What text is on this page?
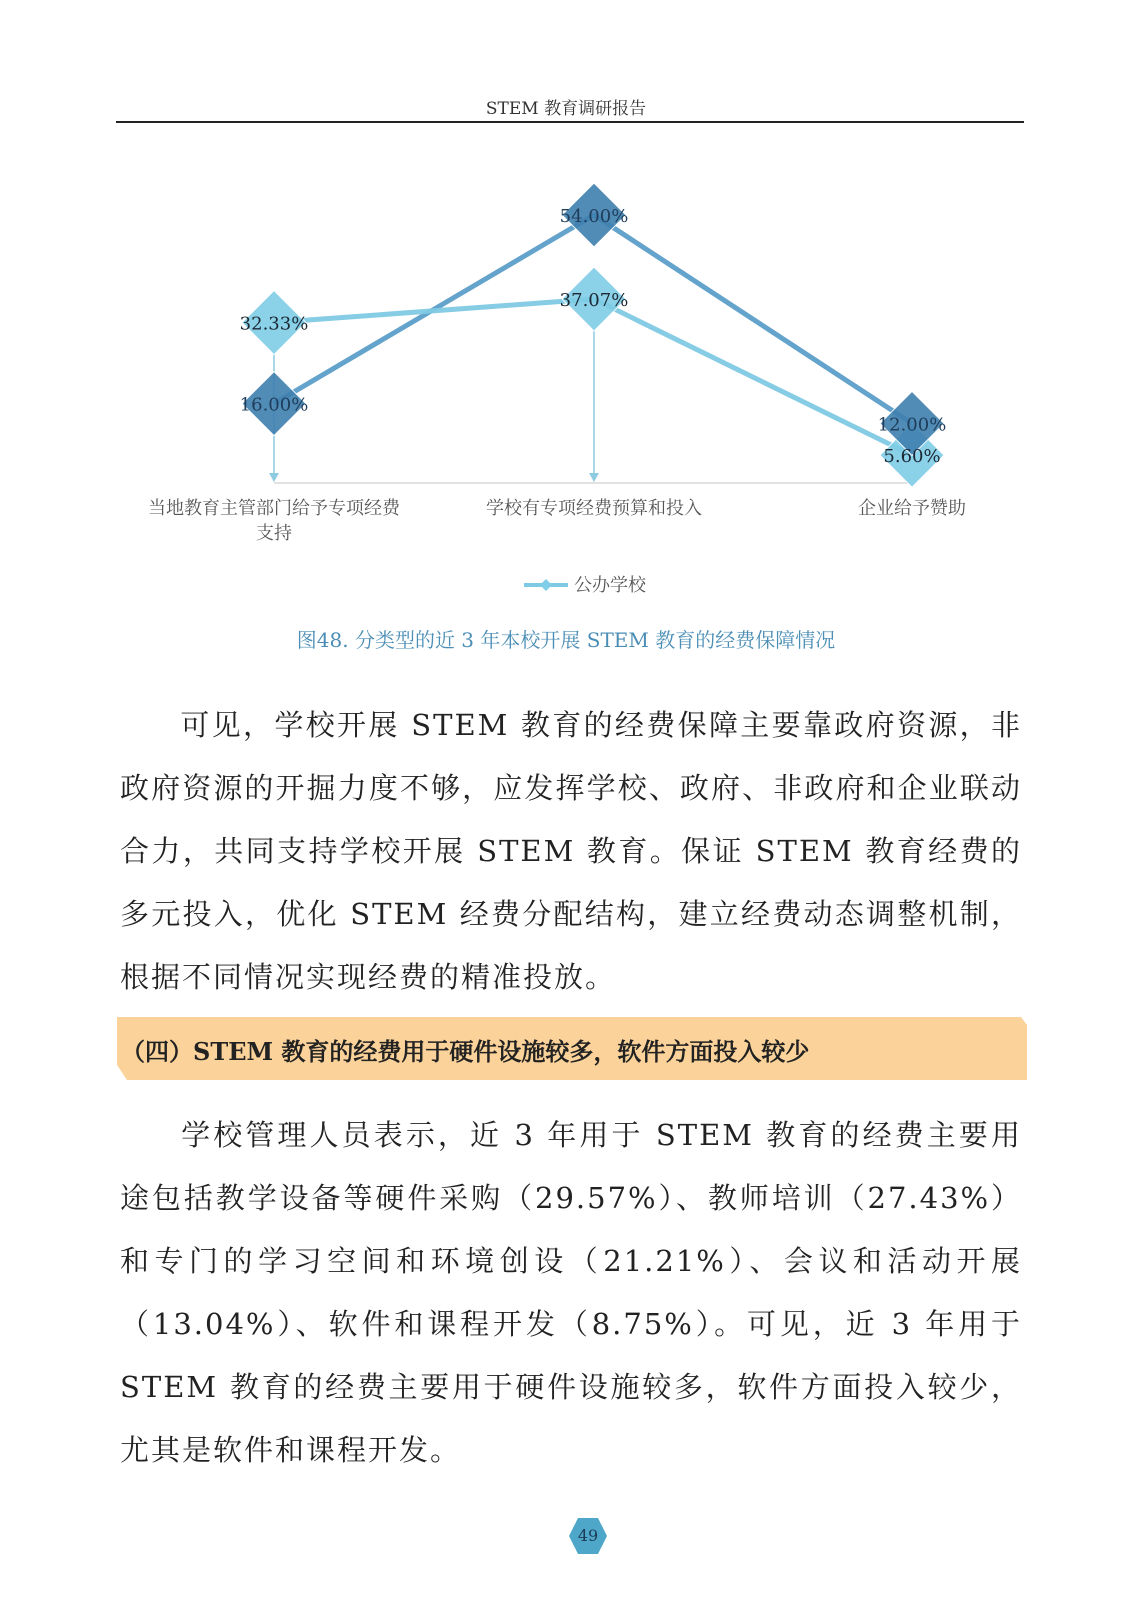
STEM 教育调研报告
16.00%
54.00%
12.00%
32.33%
37.07%
5.60%
当地教育主管部门给予专项经费
支持
学校有专项经费预算和投入	企业给予赞助
公办学校
图48. 分类型的近 3 年本校开展 STEM 教育的经费保障情况

可见，学校开展 STEM 教育的经费保障主要靠政府资源，非政府资源的开掘力度不够，应发挥学校、政府、非政府和企业联动合力，共同支持学校开展 STEM 教育。保证 STEM 教育经费的多元投入，优化 STEM 经费分配结构，建立经费动态调整机制，根据不同情况实现经费的精准投放。

（四）STEM 教育的经费用于硬件设施较多，软件方面投入较少

学校管理人员表示，近 3 年用于 STEM 教育的经费主要用途包括教学设备等硬件采购（29.57%）、教师培训（27.43%）和专门的学习空间和环境创设（21.21%）、会议和活动开展（13.04%）、软件和课程开发（8.75%）。可见，近 3 年用于 STEM 教育的经费主要用于硬件设施较多，软件方面投入较少，尤其是软件和课程开发。

49
